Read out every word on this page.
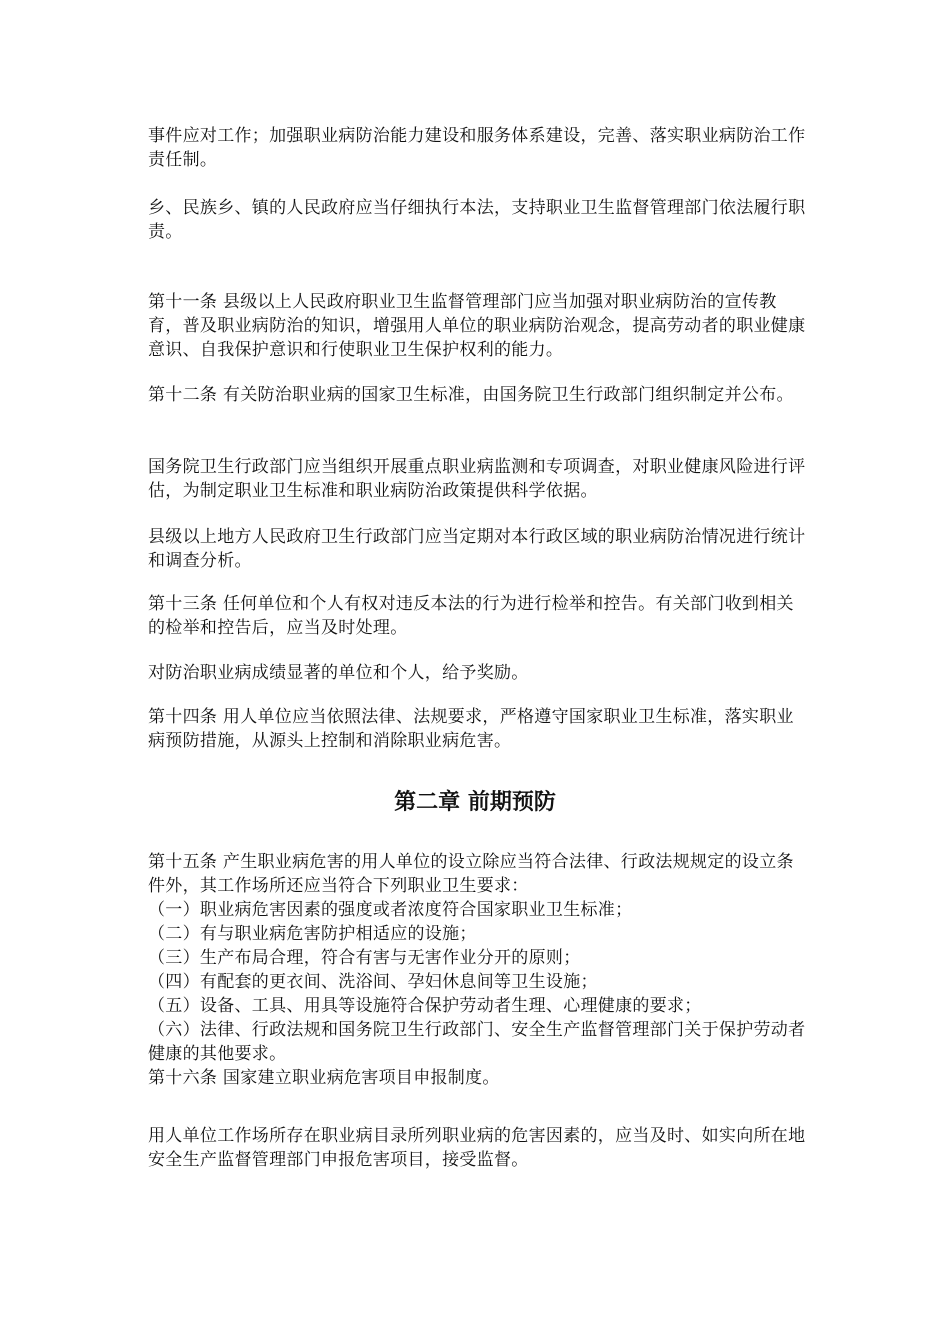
事件应对工作；加强职业病防治能力建设和服务体系建设，完善、落实职业病防治工作责任制。

乡、民族乡、镇的人民政府应当仔细执行本法，支持职业卫生监督管理部门依法履行职责。

第十一条 县级以上人民政府职业卫生监督管理部门应当加强对职业病防治的宣传教育，普及职业病防治的知识，增强用人单位的职业病防治观念，提高劳动者的职业健康意识、自我保护意识和行使职业卫生保护权利的能力。

第十二条 有关防治职业病的国家卫生标准，由国务院卫生行政部门组织制定并公布。

国务院卫生行政部门应当组织开展重点职业病监测和专项调查，对职业健康风险进行评估，为制定职业卫生标准和职业病防治政策提供科学依据。

县级以上地方人民政府卫生行政部门应当定期对本行政区域的职业病防治情况进行统计和调查分析。

第十三条 任何单位和个人有权对违反本法的行为进行检举和控告。有关部门收到相关的检举和控告后，应当及时处理。

对防治职业病成绩显著的单位和个人，给予奖励。

第十四条 用人单位应当依照法律、法规要求，严格遵守国家职业卫生标准，落实职业病预防措施，从源头上控制和消除职业病危害。

第二章 前期预防

第十五条 产生职业病危害的用人单位的设立除应当符合法律、行政法规规定的设立条件外，其工作场所还应当符合下列职业卫生要求：

（一）职业病危害因素的强度或者浓度符合国家职业卫生标准；

（二）有与职业病危害防护相适应的设施；

（三）生产布局合理，符合有害与无害作业分开的原则；

（四）有配套的更衣间、洗浴间、孕妇休息间等卫生设施；

（五）设备、工具、用具等设施符合保护劳动者生理、心理健康的要求；

（六）法律、行政法规和国务院卫生行政部门、安全生产监督管理部门关于保护劳动者健康的其他要求。

第十六条 国家建立职业病危害项目申报制度。

用人单位工作场所存在职业病目录所列职业病的危害因素的，应当及时、如实向所在地安全生产监督管理部门申报危害项目，接受监督。
